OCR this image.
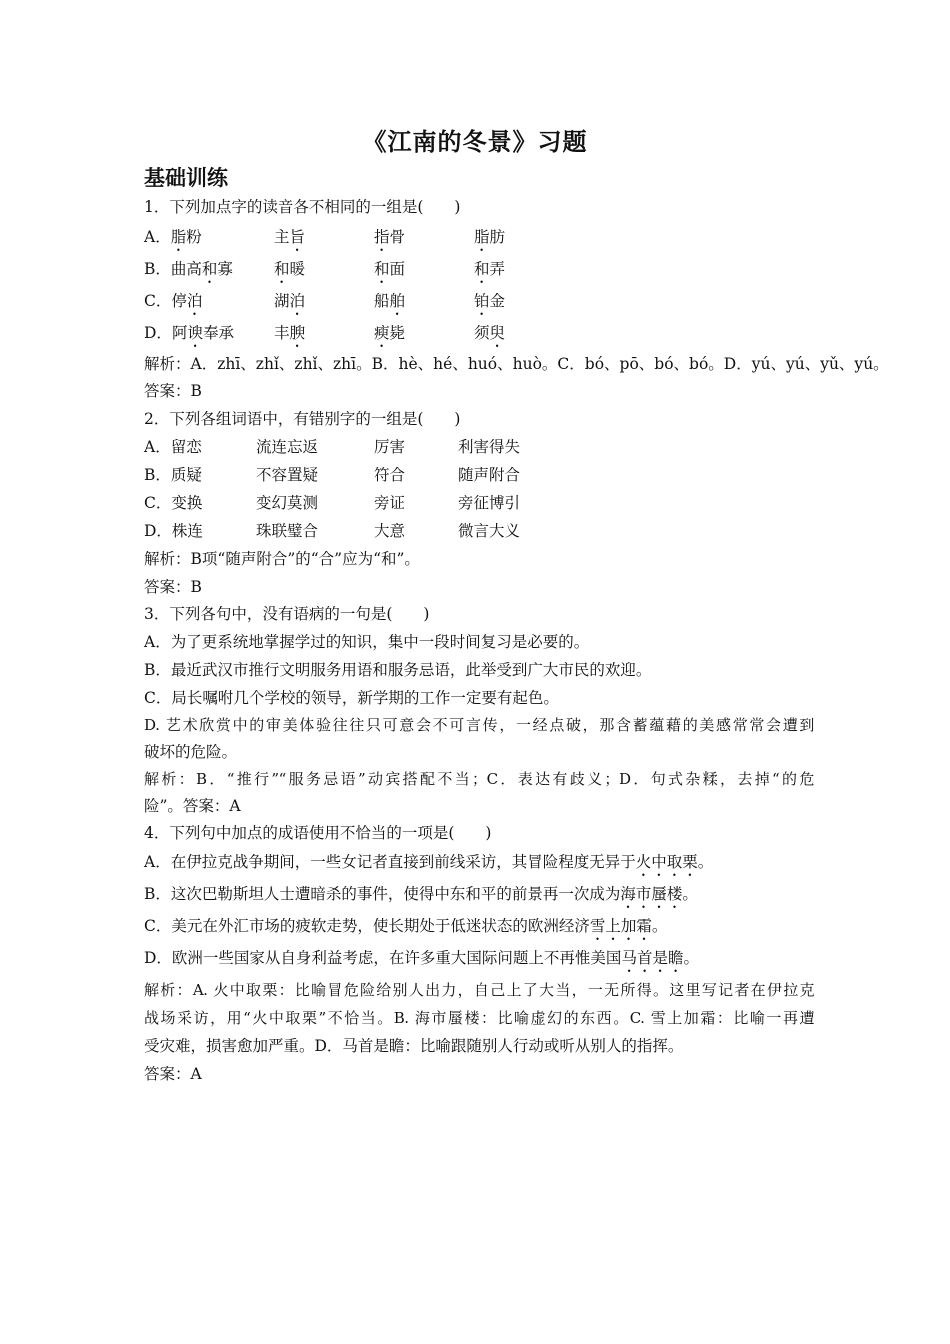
《江南的冬景》习题
基础训练
1．下列加点字的读音各不相同的一组是(　　)
A．脂粉	主旨	指骨	脂肪
B．曲高和寡	和暖	和面	和弄
C．停泊	湖泊	船舶	铂金
D．阿谀奉承	丰腴	瘐毙	须臾
解析：A．zhī、zhǐ、zhǐ、zhī。B．hè、hé、huó、huò。C．bó、pō、bó、bó。D．yú、yú、yǔ、yú。
答案：B
2．下列各组词语中，有错别字的一组是(　　)
A．留恋	流连忘返	厉害	利害得失
B．质疑	不容置疑	符合	随声附合
C．变换	变幻莫测	旁证	旁征博引
D．株连	珠联璧合	大意	微言大义
解析：B项“随声附合”的“合”应为“和”。
答案：B
3．下列各句中，没有语病的一句是(　　)
A．为了更系统地掌握学过的知识，集中一段时间复习是必要的。
B．最近武汉市推行文明服务用语和服务忌语，此举受到广大市民的欢迎。
C．局长嘱咐几个学校的领导，新学期的工作一定要有起色。
D. 艺术欣赏中的审美体验往往只可意会不可言传，一经点破，那含蓄蕴藉的美感常常会遭到
破坏的危险。
解析：B．“推行”“服务忌语”动宾搭配不当；C．表达有歧义；D．句式杂糅，去掉“的危
险”。答案：A
4．下列句中加点的成语使用不恰当的一项是(　　)
A．在伊拉克战争期间，一些女记者直接到前线采访，其冒险程度无异于火中取栗。
B．这次巴勒斯坦人士遭暗杀的事件，使得中东和平的前景再一次成为海市蜃楼。
C．美元在外汇市场的疲软走势，使长期处于低迷状态的欧洲经济雪上加霜。
D．欧洲一些国家从自身利益考虑，在许多重大国际问题上不再惟美国马首是瞻。
解析：A. 火中取栗：比喻冒危险给别人出力，自己上了大当，一无所得。这里写记者在伊拉克
战场采访，用“火中取栗”不恰当。B. 海市蜃楼：比喻虚幻的东西。C. 雪上加霜：比喻一再遭
受灾难，损害愈加严重。D．马首是瞻：比喻跟随别人行动或听从别人的指挥。
答案：A
